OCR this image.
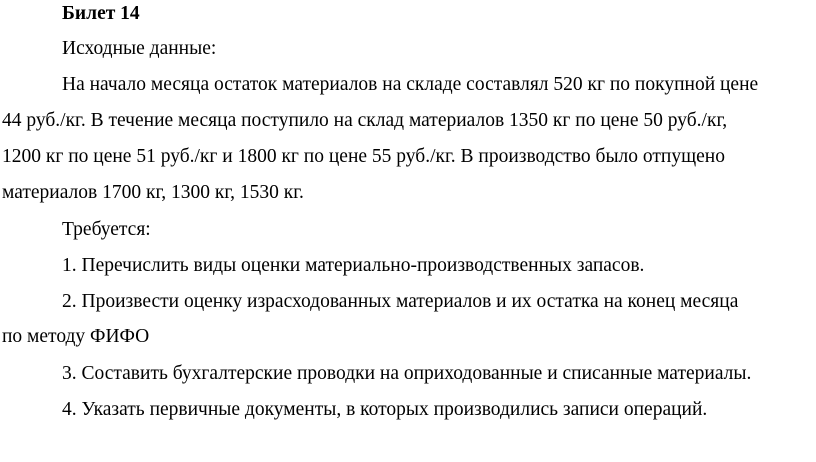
Билет 14
Исходные данные:
На начало месяца остаток материалов на складе составлял 520 кг по покупной цене
44 руб./кг. В течение месяца поступило на склад материалов 1350 кг по цене 50 руб./кг,
1200 кг по цене 51 руб./кг и 1800 кг по цене 55 руб./кг. В производство было отпущено
материалов 1700 кг, 1300 кг, 1530 кг.
Требуется:
1. Перечислить виды оценки материально-производственных запасов.
2. Произвести оценку израсходованных материалов и их остатка на конец месяца
по методу ФИФО
3. Составить бухгалтерские проводки на оприходованные и списанные материалы.
4. Указать первичные документы, в которых производились записи операций.
